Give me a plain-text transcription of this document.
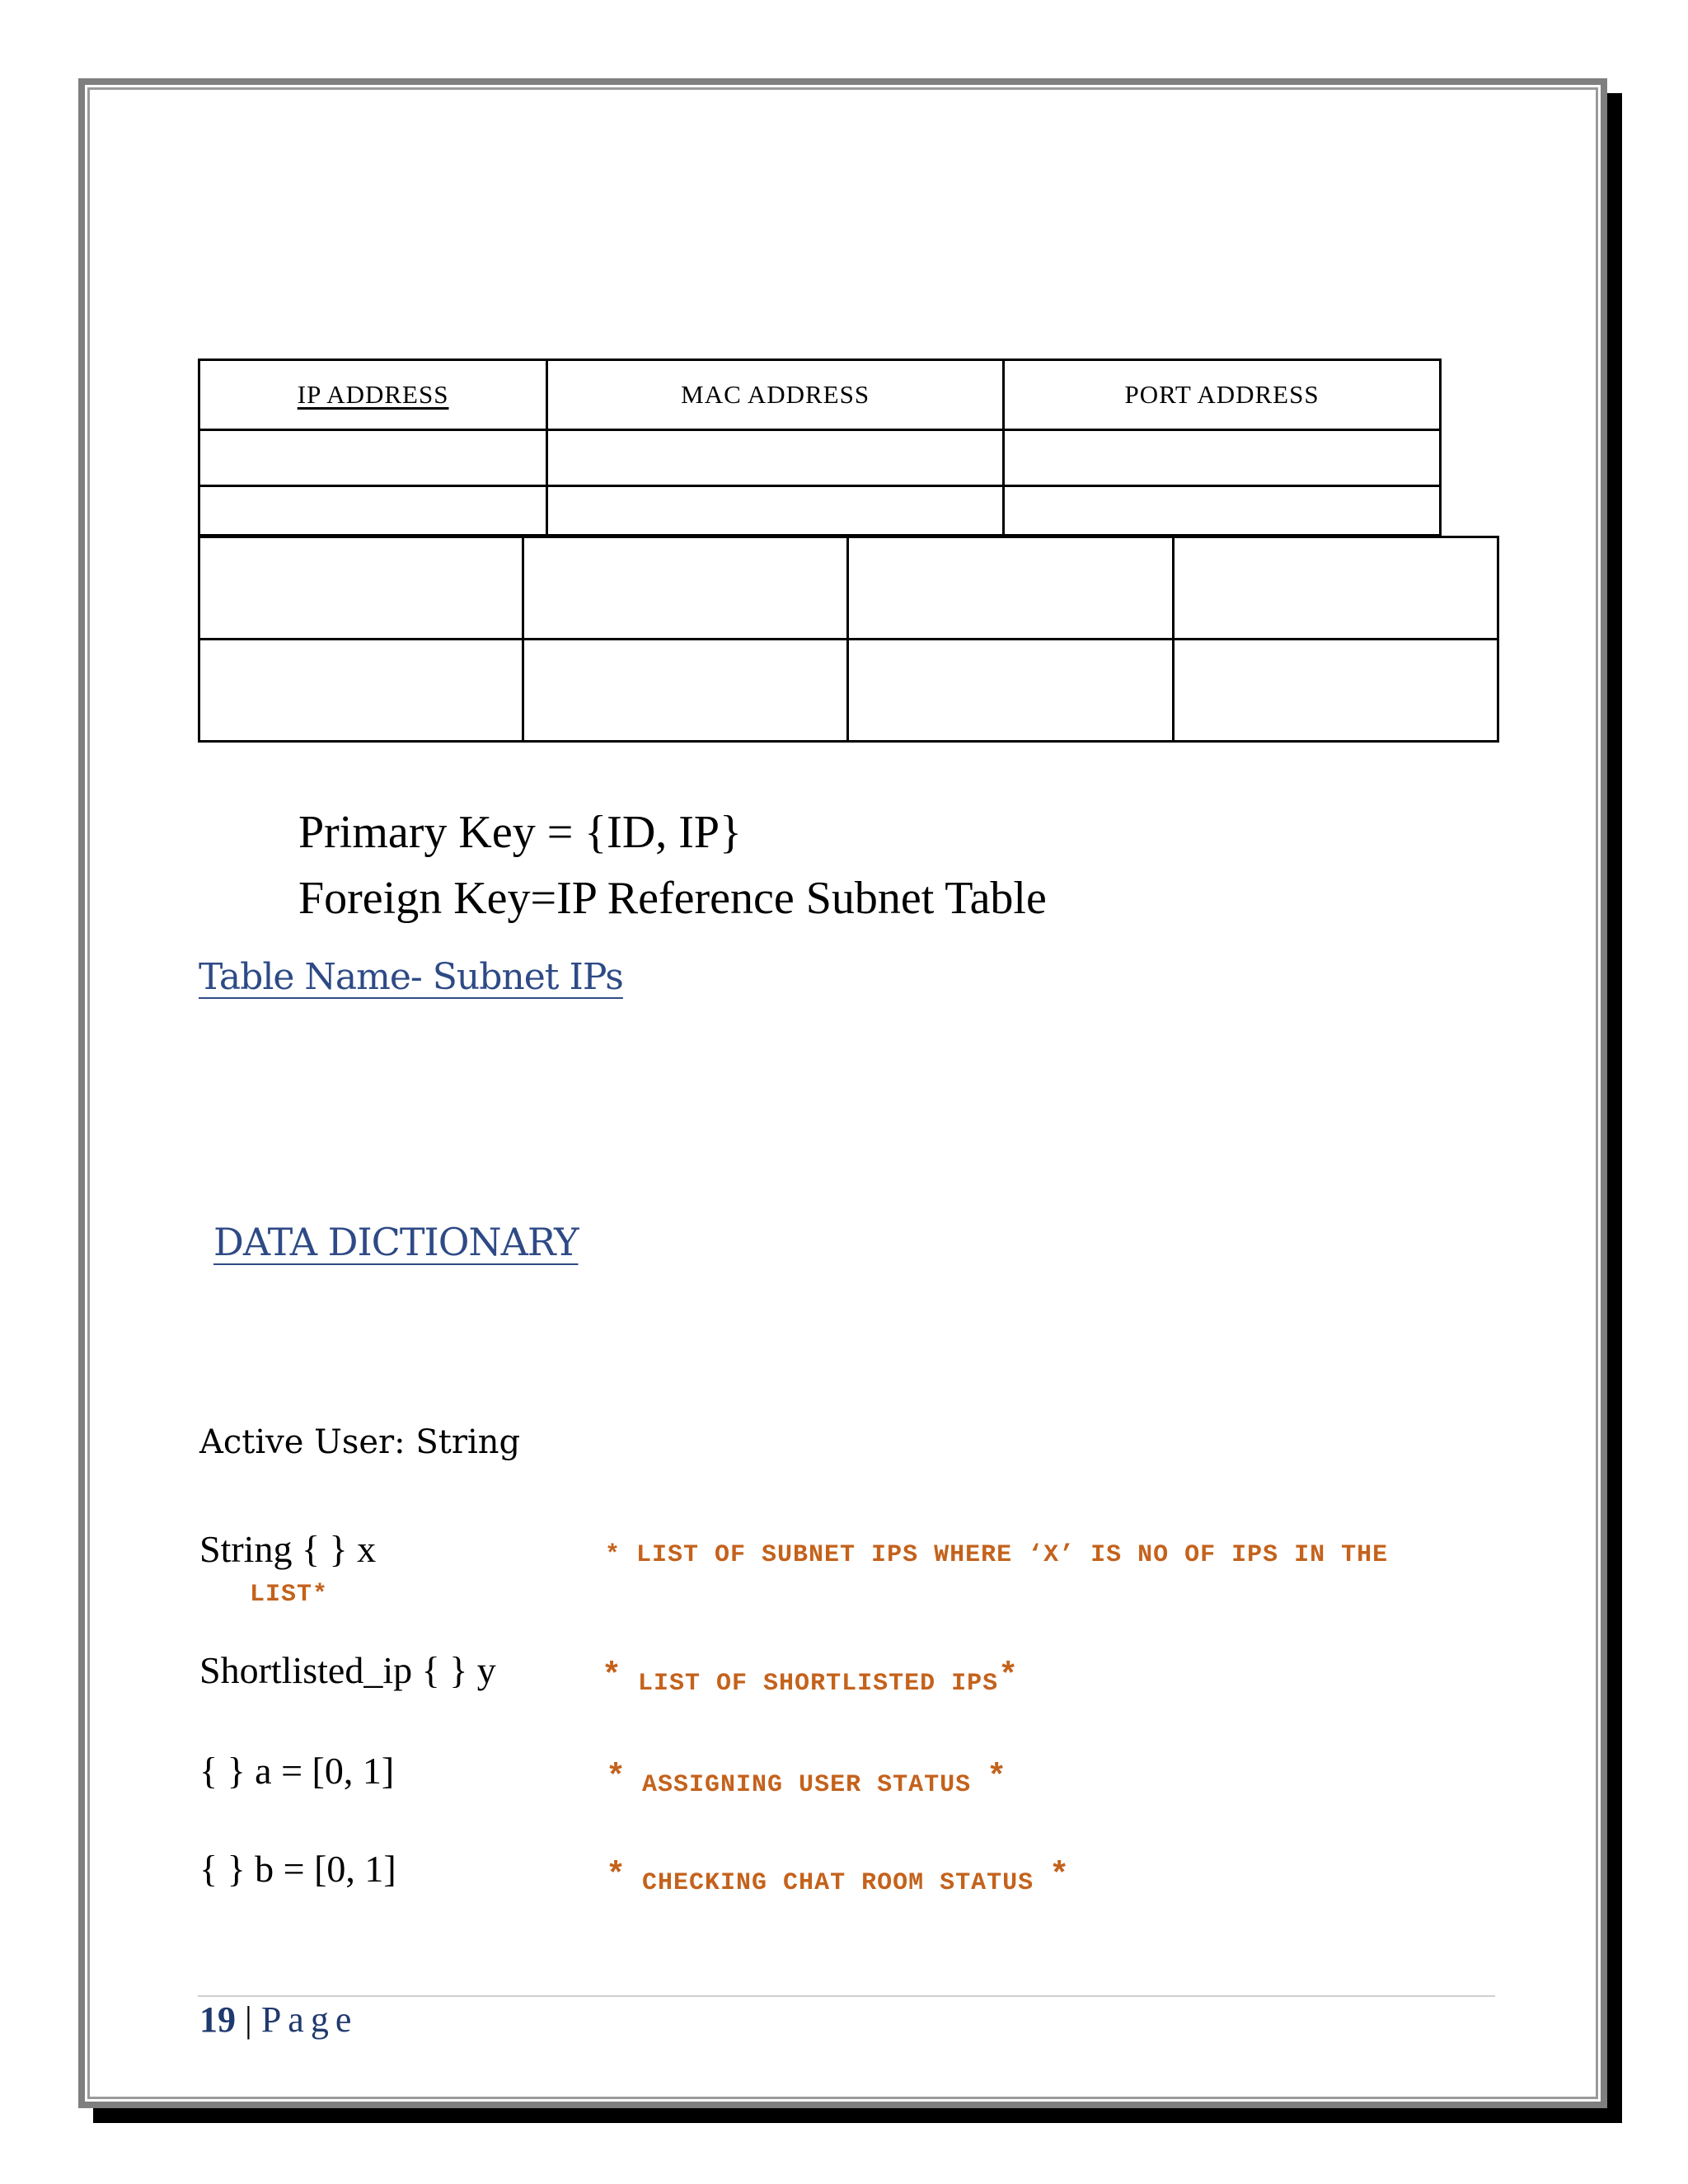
IP ADDRESS	MAC ADDRESS	PORT ADDRESS

Primary Key = {ID, IP}
Foreign Key=IP Reference Subnet Table
Table Name- Subnet IPs
DATA DICTIONARY
Active User: String
String { } x	* LIST OF SUBNET IPS WHERE ‘X’ IS NO OF IPS IN THE
LIST*
Shortlisted_ip { } y	* LIST OF SHORTLISTED IPS*
{ } a = [0, 1]	* ASSIGNING USER STATUS *
{ } b = [0, 1]	* CHECKING CHAT ROOM STATUS *
19 | Page
